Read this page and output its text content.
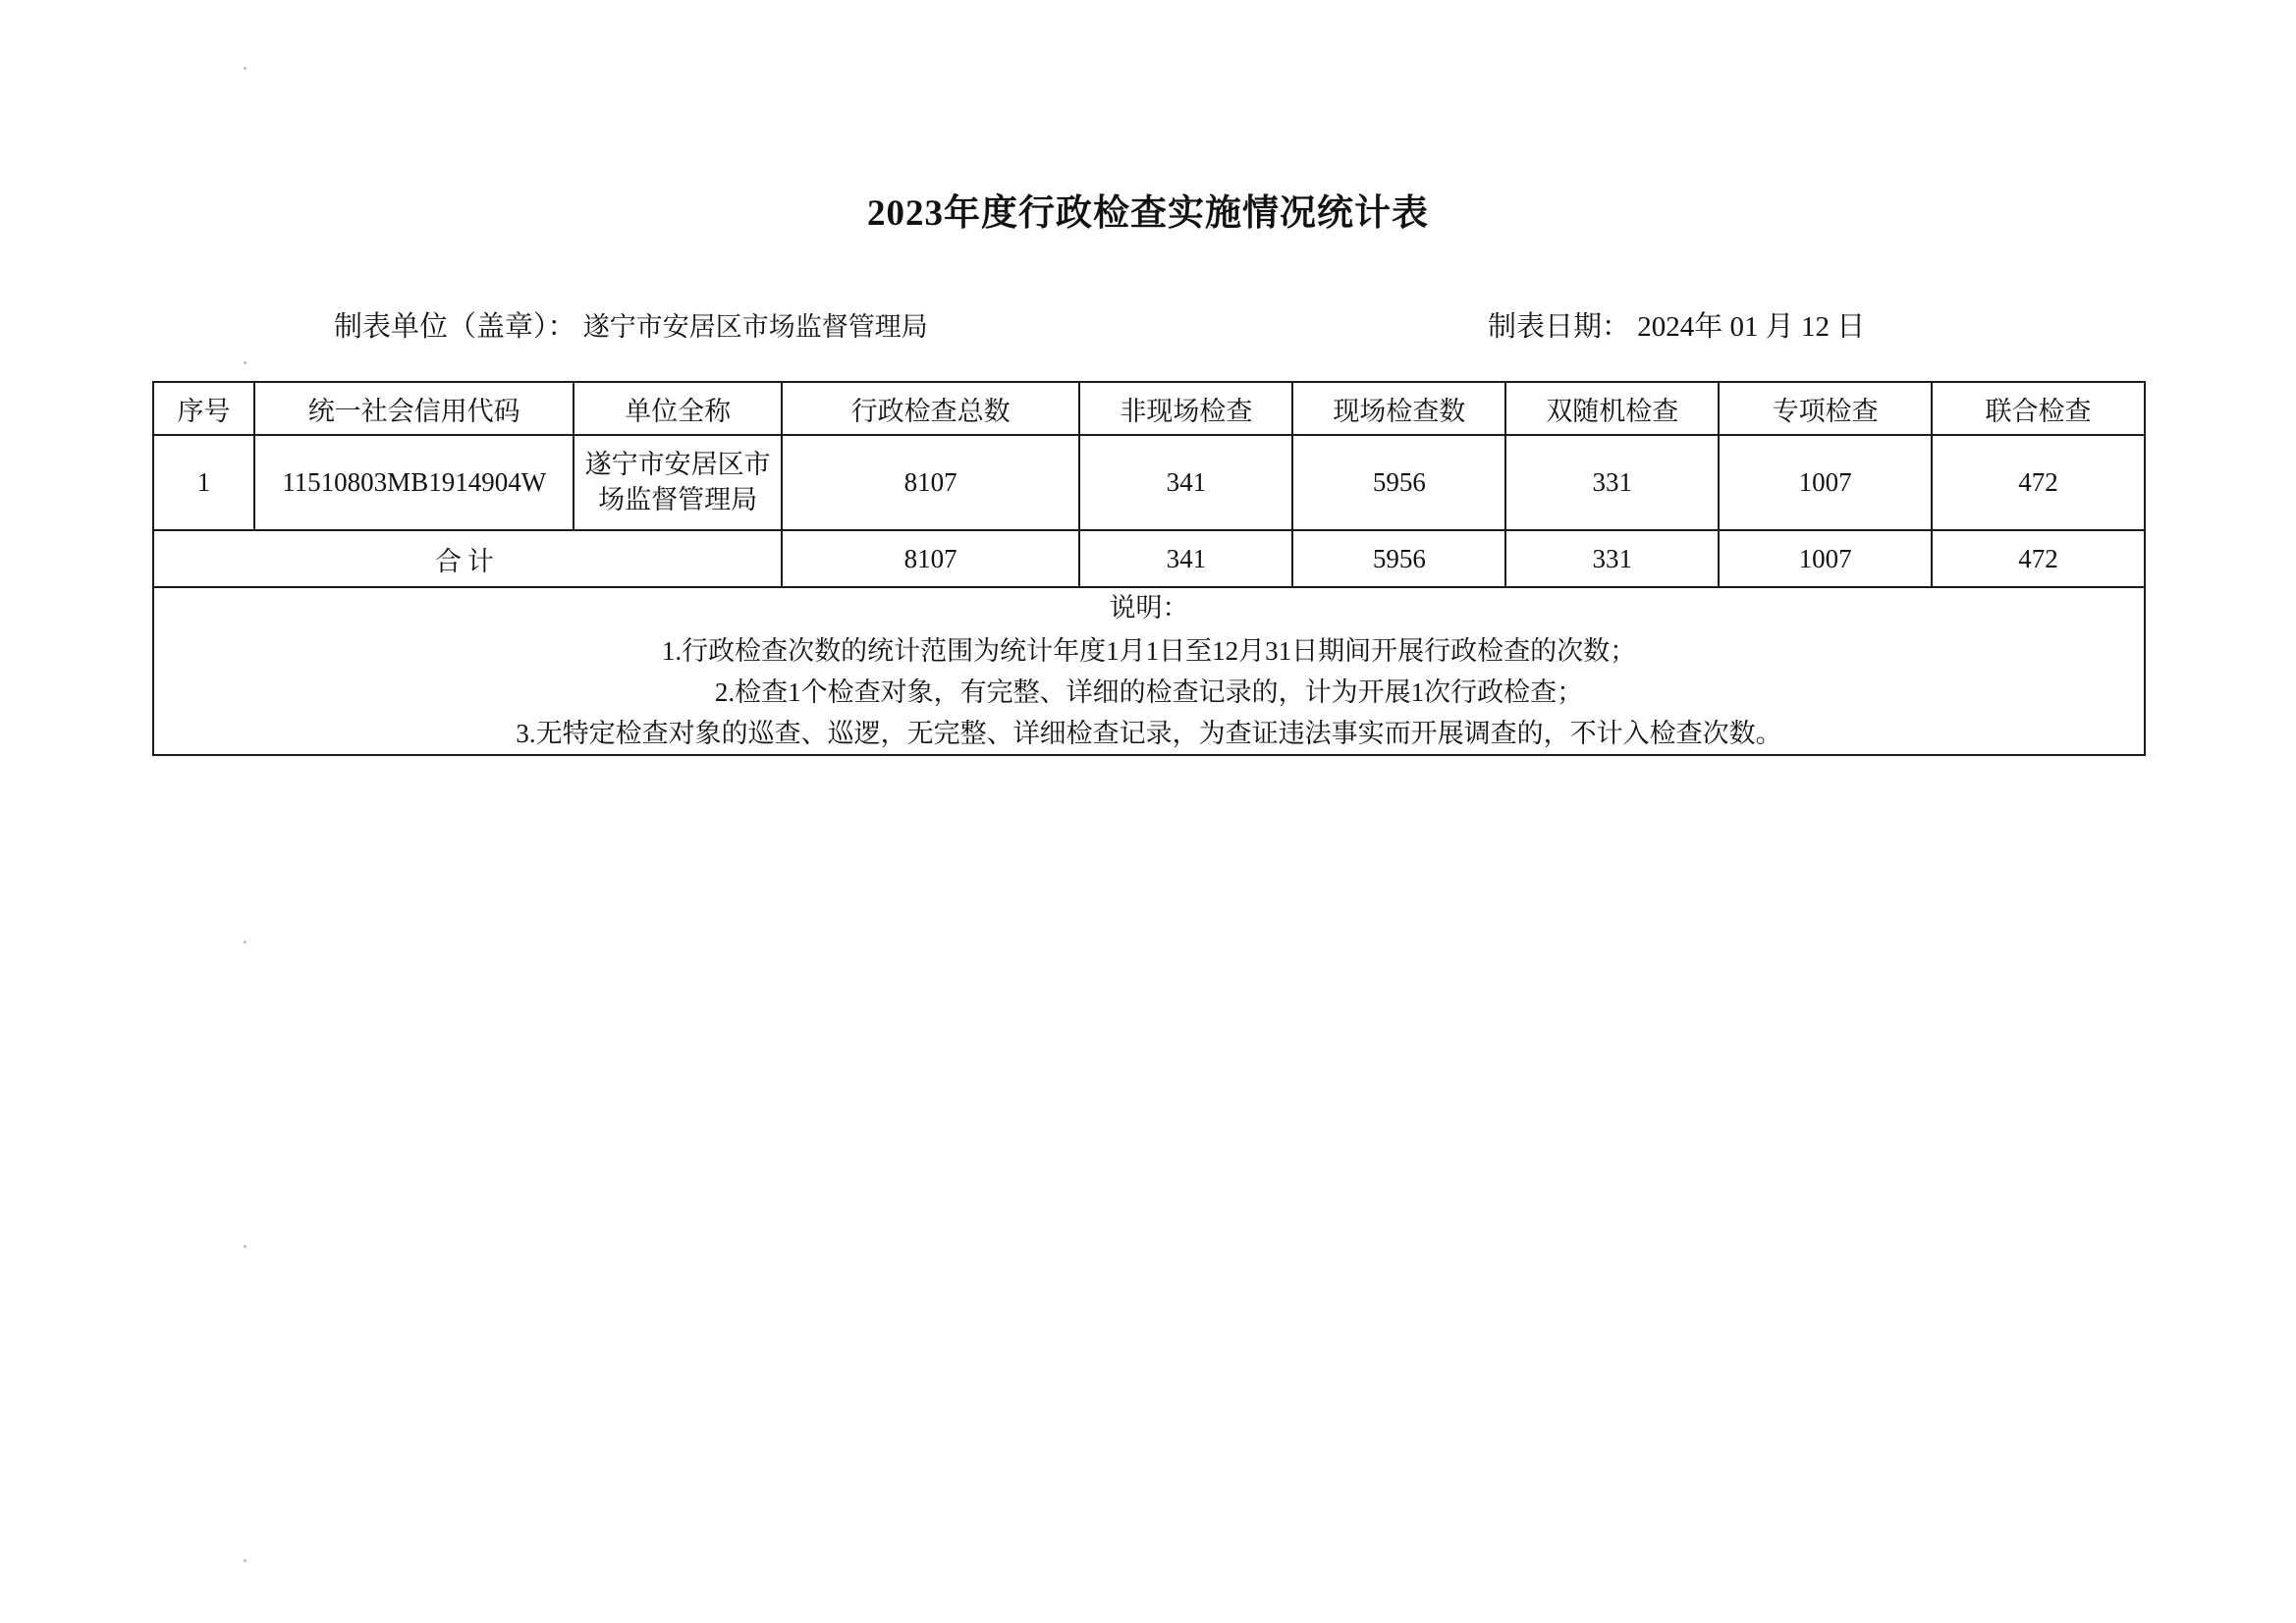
2023年度行政检查实施情况统计表
制表单位（盖章）： 遂宁市安居区市场监督管理局	制表日期： 2024年 01 月 12 日
序号	统一社会信用代码	单位全称	行政检查总数	非现场检查	现场检查数	双随机检查	专项检查	联合检查
1	11510803MB1914904W	遂宁市安居区市场监督管理局	8107	341	5956	331	1007	472
合计			8107	341	5956	331	1007	472

说明：
1.行政检查次数的统计范围为统计年度1月1日至12月31日期间开展行政检查的次数；
2.检查1个检查对象，有完整、详细的检查记录的，计为开展1次行政检查；
3.无特定检查对象的巡查、巡逻，无完整、详细检查记录，为查证违法事实而开展调查的，不计入检查次数。								
